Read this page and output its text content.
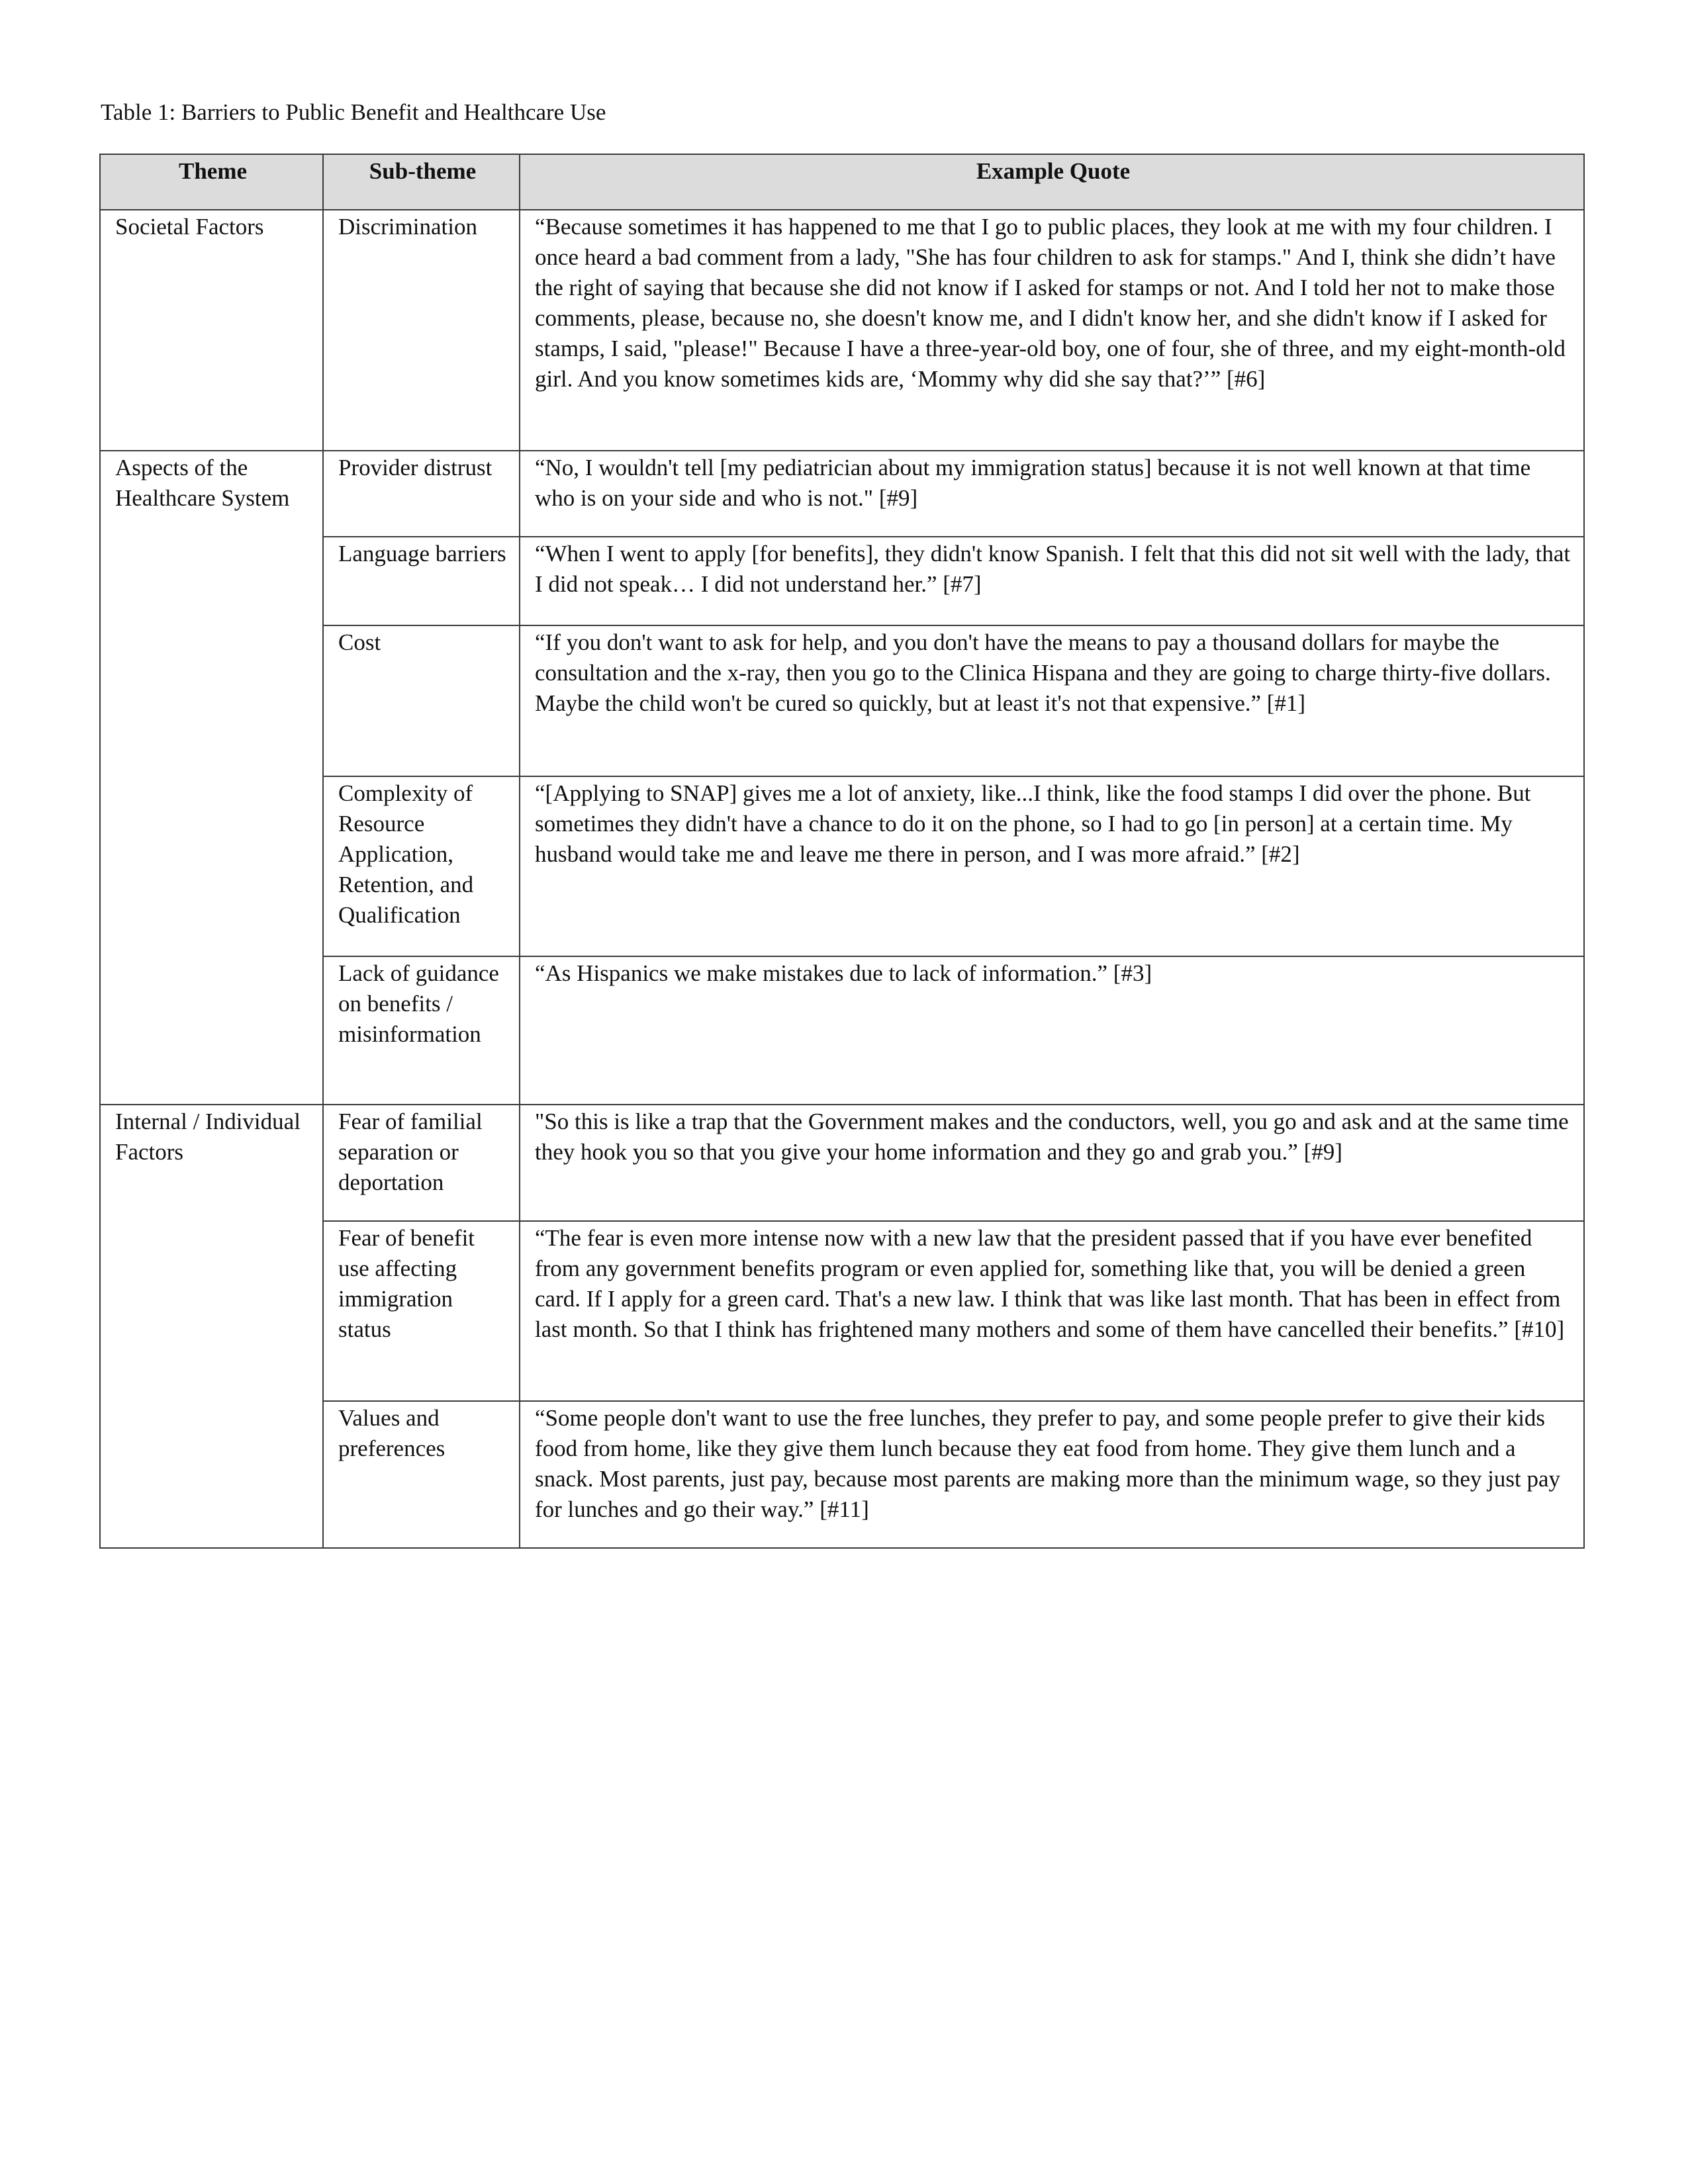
Table 1: Barriers to Public Benefit and Healthcare Use

Theme	Sub-theme	Example Quote
Societal Factors	Discrimination	“Because sometimes it has happened to me that I go to public places, they look at me with my four children. I once heard a bad comment from a lady, "She has four children to ask for stamps." And I, think she didn’t have the right of saying that because she did not know if I asked for stamps or not. And I told her not to make those comments, please, because no, she doesn't know me, and I didn't know her, and she didn't know if I asked for stamps, I said, "please!" Because I have a three-year-old boy, one of four, she of three, and my eight-month-old girl. And you know sometimes kids are, ‘Mommy why did she say that?’” [#6]
Aspects of the Healthcare System	Provider distrust	“No, I wouldn't tell [my pediatrician about my immigration status] because it is not well known at that time who is on your side and who is not." [#9]
	Language barriers	“When I went to apply [for benefits], they didn't know Spanish. I felt that this did not sit well with the lady, that I did not speak… I did not understand her.” [#7]
	Cost	“If you don't want to ask for help, and you don't have the means to pay a thousand dollars for maybe the consultation and the x-ray, then you go to the Clinica Hispana and they are going to charge thirty-five dollars. Maybe the child won't be cured so quickly, but at least it's not that expensive.” [#1]
	Complexity of Resource Application, Retention, and Qualification	“[Applying to SNAP] gives me a lot of anxiety, like...I think, like the food stamps I did over the phone. But sometimes they didn't have a chance to do it on the phone, so I had to go [in person] at a certain time. My husband would take me and leave me there in person, and I was more afraid.” [#2]
	Lack of guidance on benefits / misinformation	“As Hispanics we make mistakes due to lack of information.” [#3]
Internal / Individual Factors	Fear of familial separation or deportation	"So this is like a trap that the Government makes and the conductors, well, you go and ask and at the same time they hook you so that you give your home information and they go and grab you.” [#9]
	Fear of benefit use affecting immigration status	“The fear is even more intense now with a new law that the president passed that if you have ever benefited from any government benefits program or even applied for, something like that, you will be denied a green card. If I apply for a green card. That's a new law. I think that was like last month. That has been in effect from last month. So that I think has frightened many mothers and some of them have cancelled their benefits.” [#10]
	Values and preferences	“Some people don't want to use the free lunches, they prefer to pay, and some people prefer to give their kids food from home, like they give them lunch because they eat food from home. They give them lunch and a snack. Most parents, just pay, because most parents are making more than the minimum wage, so they just pay for lunches and go their way.” [#11]
